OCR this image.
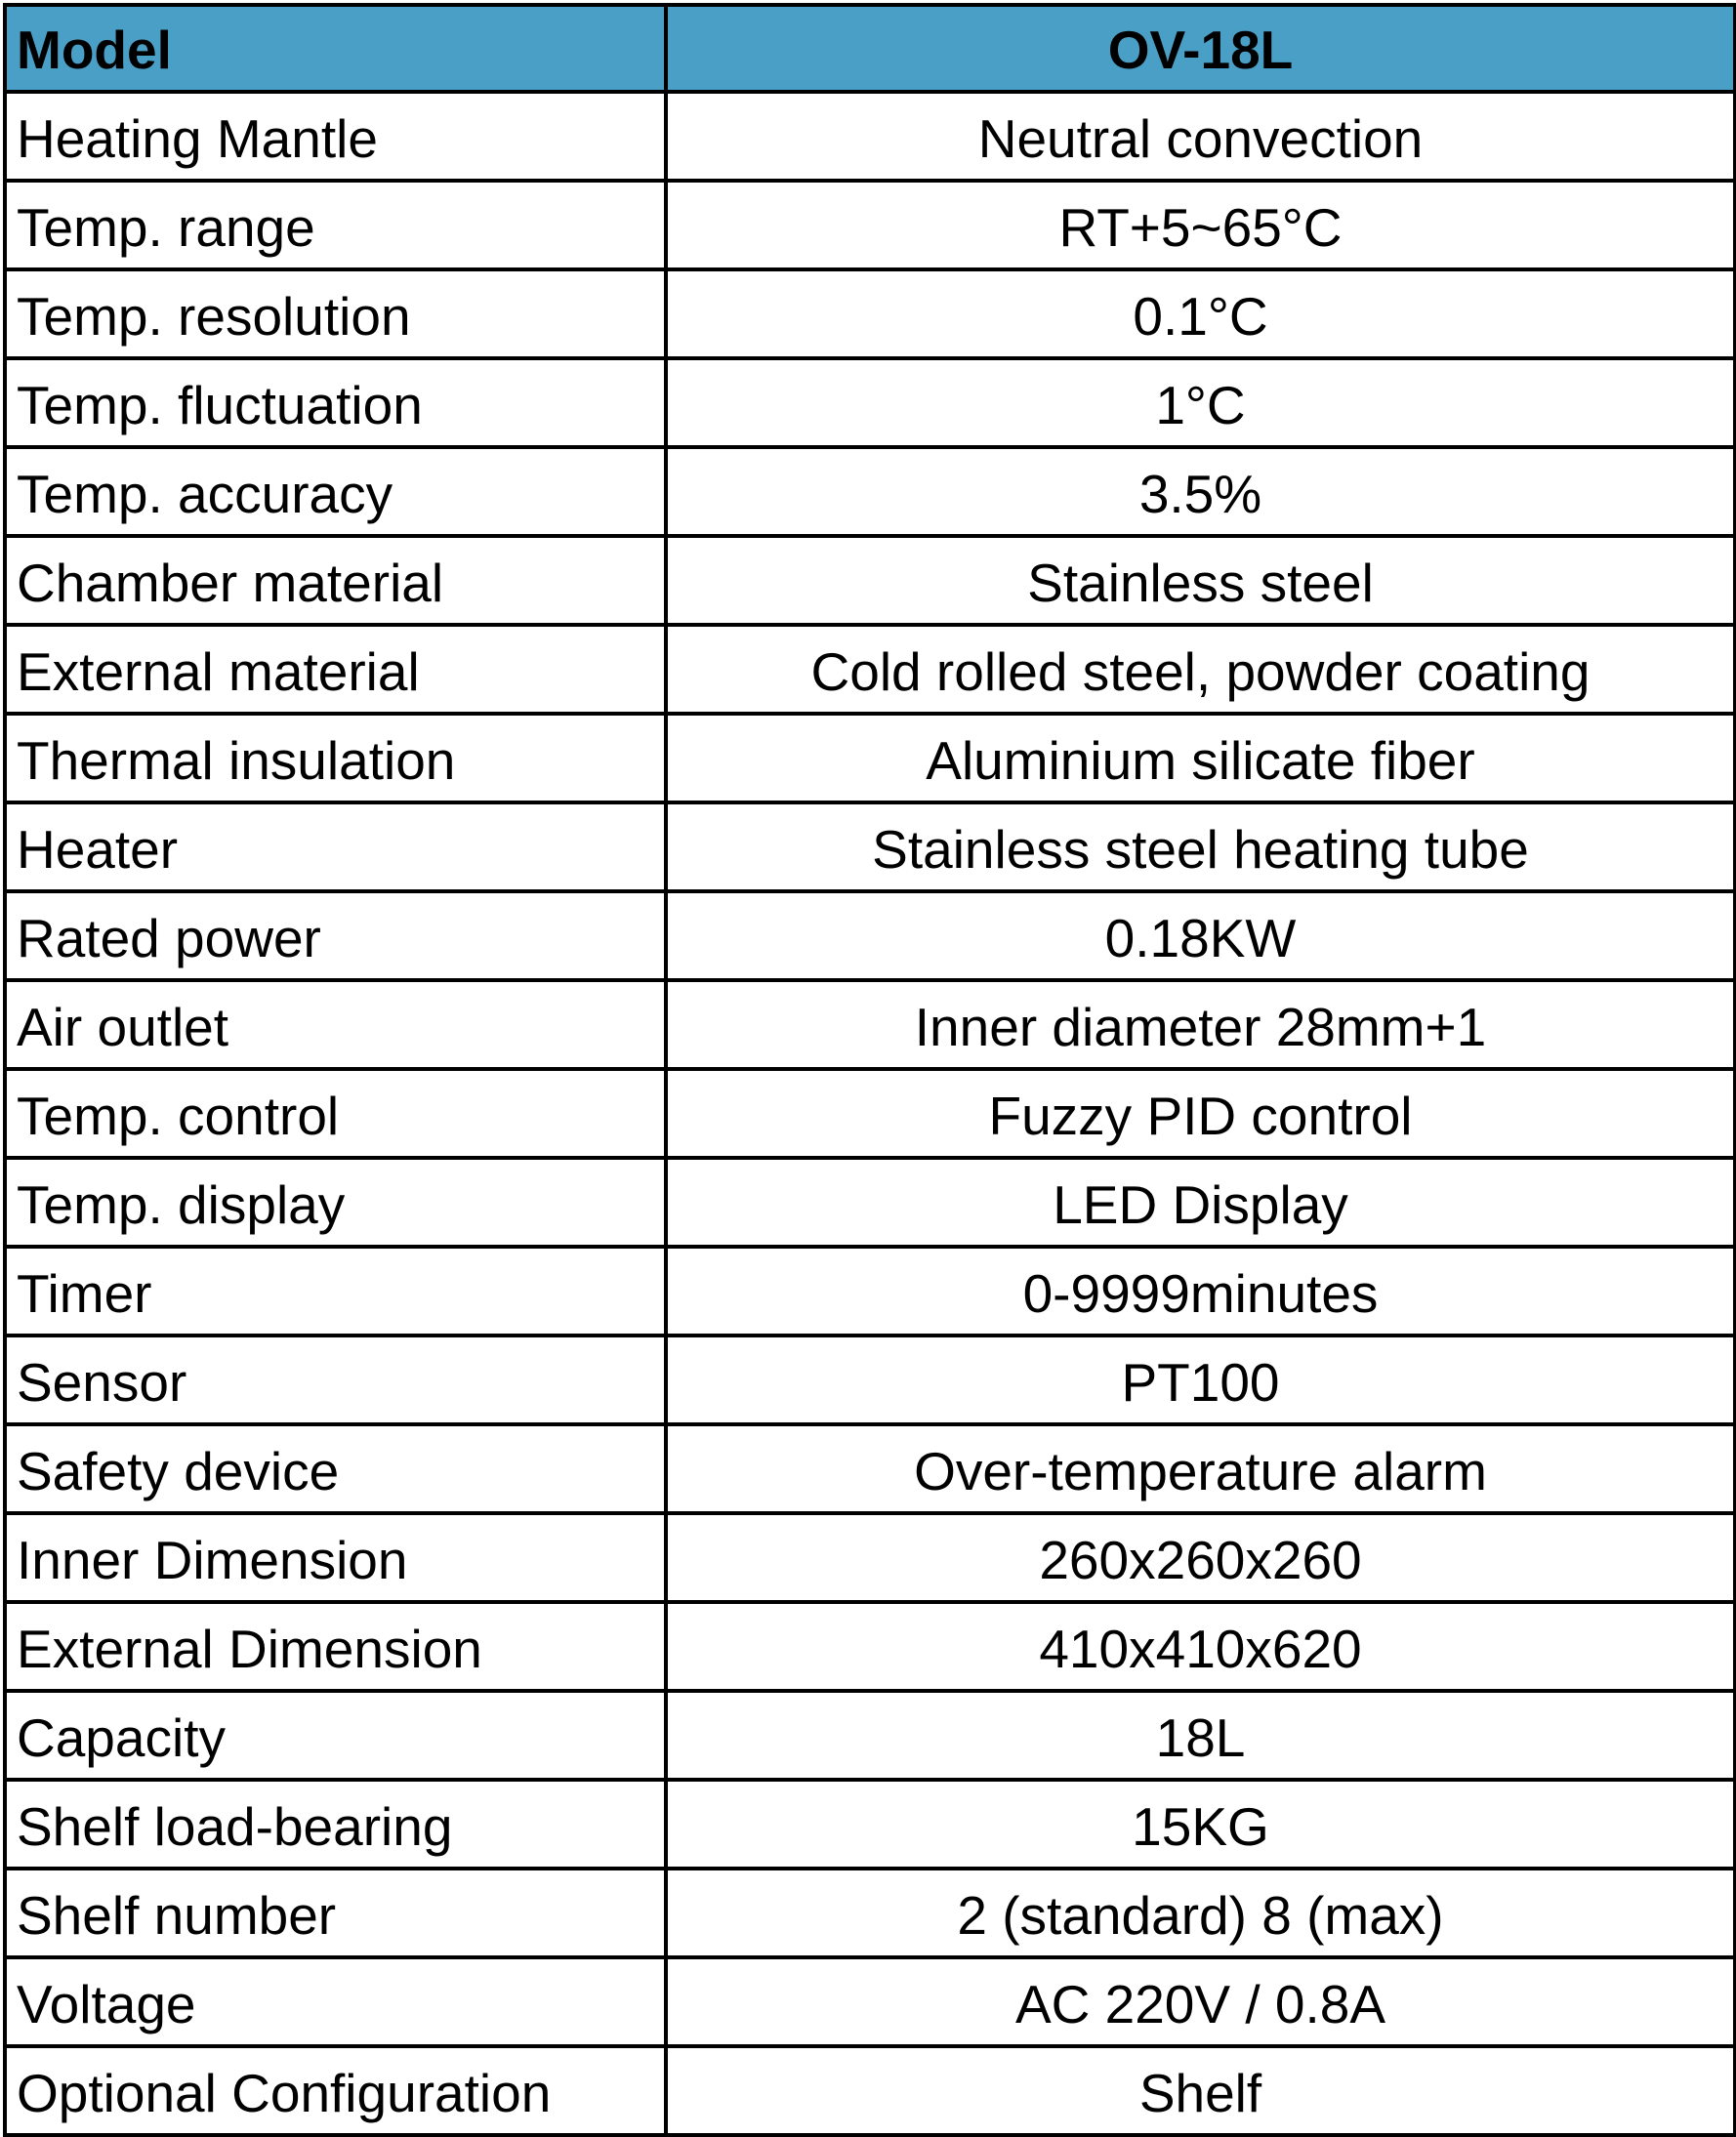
Model	OV-18L
Heating Mantle	Neutral convection
Temp. range	RT+5~65°C
Temp. resolution	0.1°C
Temp. fluctuation	1°C
Temp. accuracy	3.5%
Chamber material	Stainless steel
External material	Cold rolled steel, powder coating
Thermal insulation	Aluminium silicate fiber
Heater	Stainless steel heating tube
Rated power	0.18KW
Air outlet	Inner diameter 28mm+1
Temp. control	Fuzzy PID control
Temp. display	LED Display
Timer	0-9999minutes
Sensor	PT100
Safety device	Over-temperature alarm
Inner Dimension	260x260x260
External Dimension	410x410x620
Capacity	18L
Shelf load-bearing	15KG
Shelf number	2 (standard) 8 (max)
Voltage	AC 220V / 0.8A
Optional Configuration	Shelf
